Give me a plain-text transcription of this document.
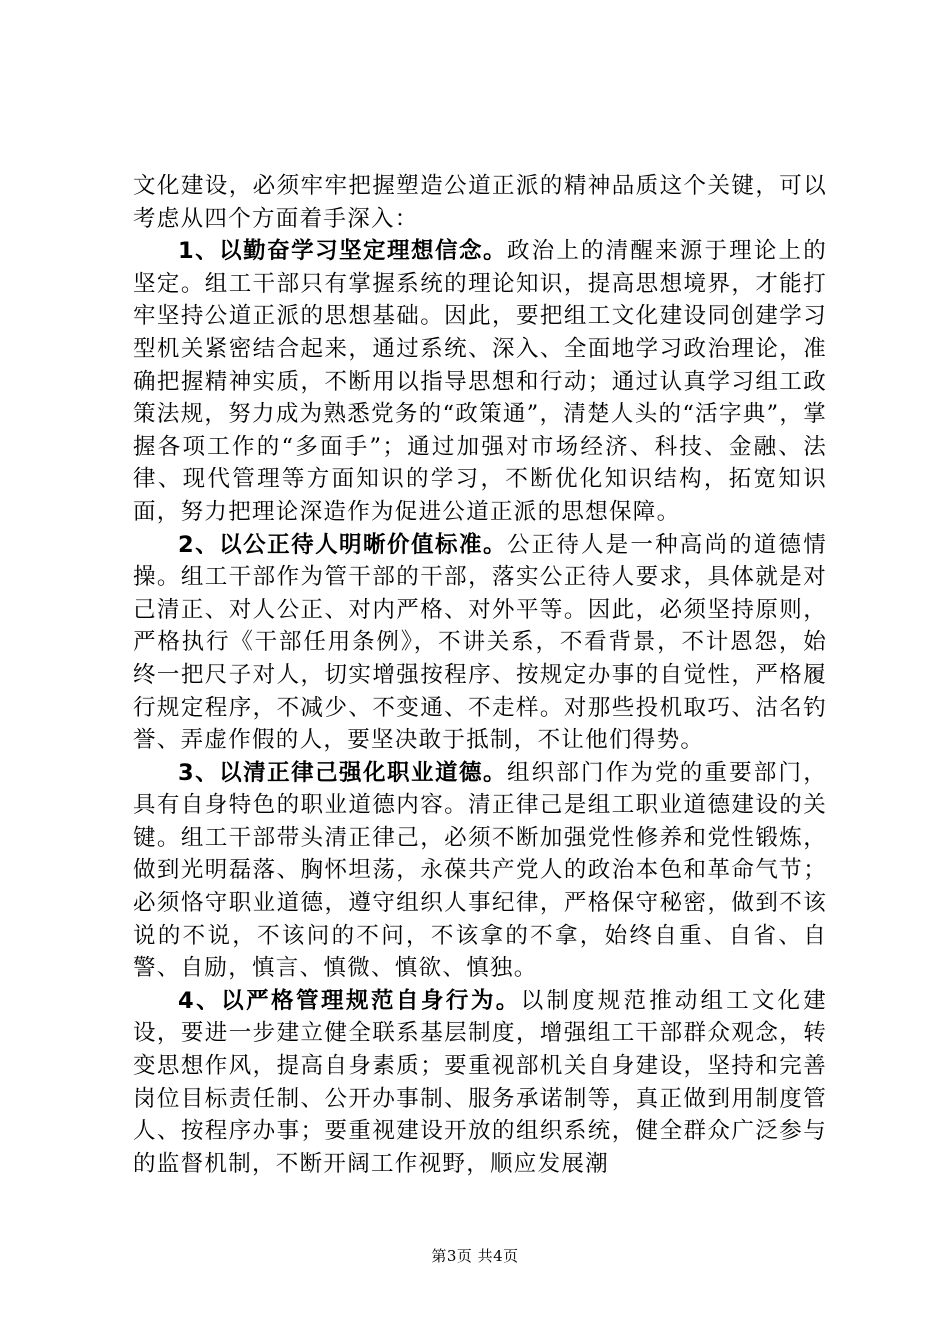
文化建设，必须牢牢把握塑造公道正派的精神品质这个关键，可以考虑从四个方面着手深入：

1、以勤奋学习坚定理想信念。政治上的清醒来源于理论上的坚定。组工干部只有掌握系统的理论知识，提高思想境界，才能打牢坚持公道正派的思想基础。因此，要把组工文化建设同创建学习型机关紧密结合起来，通过系统、深入、全面地学习政治理论，准确把握精神实质，不断用以指导思想和行动；通过认真学习组工政策法规，努力成为熟悉党务的“政策通”，清楚人头的“活字典”，掌握各项工作的“多面手”；通过加强对市场经济、科技、金融、法律、现代管理等方面知识的学习，不断优化知识结构，拓宽知识面，努力把理论深造作为促进公道正派的思想保障。

2、以公正待人明晰价值标准。公正待人是一种高尚的道德情操。组工干部作为管干部的干部，落实公正待人要求，具体就是对己清正、对人公正、对内严格、对外平等。因此，必须坚持原则，严格执行《干部任用条例》，不讲关系，不看背景，不计恩怨，始终一把尺子对人，切实增强按程序、按规定办事的自觉性，严格履行规定程序，不减少、不变通、不走样。对那些投机取巧、沽名钓誉、弄虚作假的人，要坚决敢于抵制，不让他们得势。

3、以清正律己强化职业道德。组织部门作为党的重要部门，具有自身特色的职业道德内容。清正律己是组工职业道德建设的关键。组工干部带头清正律己，必须不断加强党性修养和党性锻炼，做到光明磊落、胸怀坦荡，永葆共产党人的政治本色和革命气节；必须恪守职业道德，遵守组织人事纪律，严格保守秘密，做到不该说的不说，不该问的不问，不该拿的不拿，始终自重、自省、自警、自励，慎言、慎微、慎欲、慎独。

4、以严格管理规范自身行为。以制度规范推动组工文化建设，要进一步建立健全联系基层制度，增强组工干部群众观念，转变思想作风，提高自身素质；要重视部机关自身建设，坚持和完善岗位目标责任制、公开办事制、服务承诺制等，真正做到用制度管人、按程序办事；要重视建设开放的组织系统，健全群众广泛参与的监督机制，不断开阔工作视野，顺应发展潮

第3页 共4页
